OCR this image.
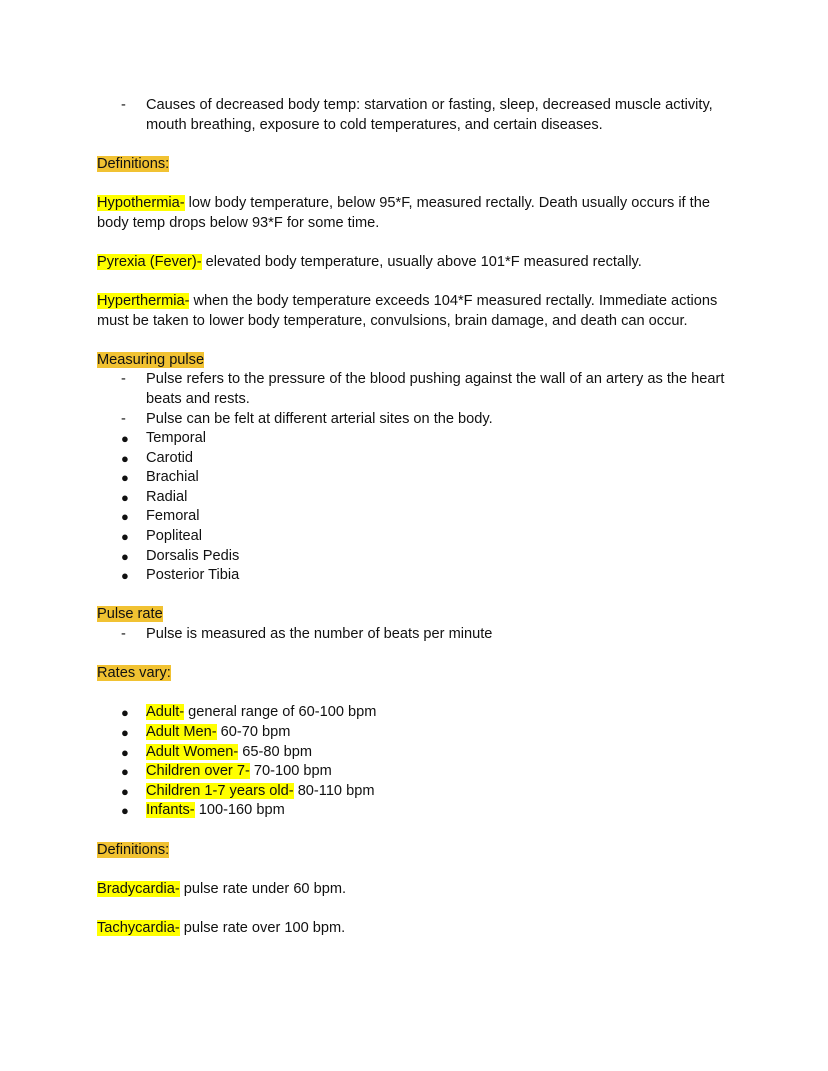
-	Causes of decreased body temp: starvation or fasting, sleep, decreased muscle activity, mouth breathing, exposure to cold temperatures, and certain diseases.
Definitions:
Hypothermia- low body temperature, below 95*F, measured rectally. Death usually occurs if the body temp drops below 93*F for some time.
Pyrexia (Fever)- elevated body temperature, usually above 101*F measured rectally.
Hyperthermia- when the body temperature exceeds 104*F measured rectally. Immediate actions must be taken to lower body temperature, convulsions, brain damage, and death can occur.
Measuring pulse
-	Pulse refers to the pressure of the blood pushing against the wall of an artery as the heart beats and rests.
-	Pulse can be felt at different arterial sites on the body.
●	Temporal
●	Carotid
●	Brachial
●	Radial
●	Femoral
●	Popliteal
●	Dorsalis Pedis
●	Posterior Tibia
Pulse rate
-	Pulse is measured as the number of beats per minute
Rates vary:
●	Adult- general range of 60-100 bpm
●	Adult Men- 60-70 bpm
●	Adult Women- 65-80 bpm
●	Children over 7- 70-100 bpm
●	Children 1-7 years old- 80-110 bpm
●	Infants- 100-160 bpm
Definitions:
Bradycardia- pulse rate under 60 bpm.
Tachycardia- pulse rate over 100 bpm.
